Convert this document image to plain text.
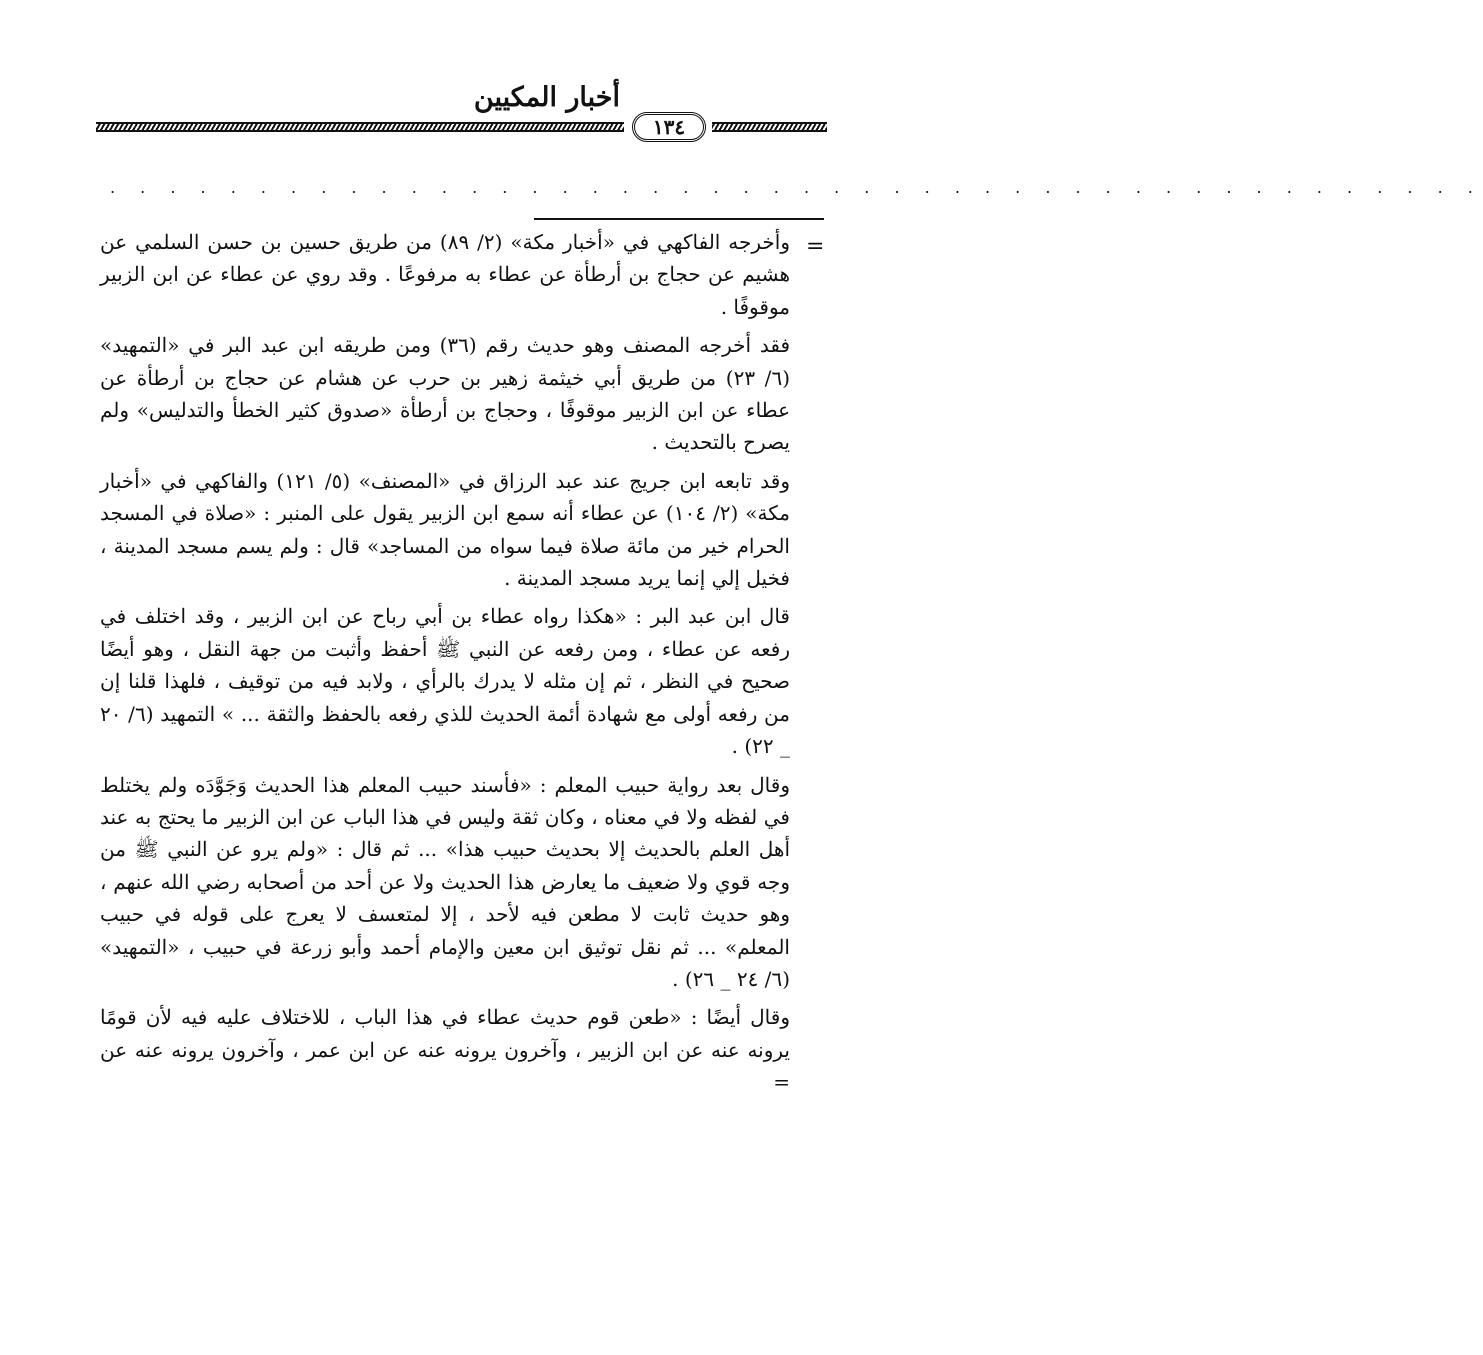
أخبار المكيين
١٣٤
. . . . . . . . . . . . . . . . . . . . . . . . . . . . . . . . . . . . . . . . . . . . . .
=

وأخرجه الفاكهي في «أخبار مكة» (٢/ ٨٩) من طريق حسين بن حسن السلمي عن هشيم عن حجاج بن أرطأة عن عطاء به مرفوعًا . وقد روي عن عطاء عن ابن الزبير موقوفًا .

فقد أخرجه المصنف وهو حديث رقم (٣٦) ومن طريقه ابن عبد البر في «التمهيد» (٦/ ٢٣) من طريق أبي خيثمة زهير بن حرب عن هشام عن حجاج بن أرطأة عن عطاء عن ابن الزبير موقوفًا ، وحجاج بن أرطأة «صدوق كثير الخطأ والتدليس» ولم يصرح بالتحديث .

وقد تابعه ابن جريج عند عبد الرزاق في «المصنف» (٥/ ١٢١) والفاكهي في «أخبار مكة» (٢/ ١٠٤) عن عطاء أنه سمع ابن الزبير يقول على المنبر : «صلاة في المسجد الحرام خير من مائة صلاة فيما سواه من المساجد» قال : ولم يسم مسجد المدينة ، فخيل إلي إنما يريد مسجد المدينة .

قال ابن عبد البر : «هكذا رواه عطاء بن أبي رباح عن ابن الزبير ، وقد اختلف في رفعه عن عطاء ، ومن رفعه عن النبي ﷺ أحفظ وأثبت من جهة النقل ، وهو أيضًا صحيح في النظر ، ثم إن مثله لا يدرك بالرأي ، ولابد فيه من توقيف ، فلهذا قلنا إن من رفعه أولى مع شهادة أئمة الحديث للذي رفعه بالحفظ والثقة ... » التمهيد (٦/ ٢٠ _ ٢٢) .

وقال بعد رواية حبيب المعلم : «فأسند حبيب المعلم هذا الحديث وَجَوَّدَه ولم يختلط في لفظه ولا في معناه ، وكان ثقة وليس في هذا الباب عن ابن الزبير ما يحتج به عند أهل العلم بالحديث إلا بحديث حبيب هذا» ... ثم قال : «ولم يرو عن النبي ﷺ من وجه قوي ولا ضعيف ما يعارض هذا الحديث ولا عن أحد من أصحابه رضي الله عنهم ، وهو حديث ثابت لا مطعن فيه لأحد ، إلا لمتعسف لا يعرج على قوله في حبيب المعلم» ... ثم نقل توثيق ابن معين والإمام أحمد وأبو زرعة في حبيب ، «التمهيد» (٦/ ٢٤ _ ٢٦) .

وقال أيضًا : «طعن قوم حديث عطاء في هذا الباب ، للاختلاف عليه فيه لأن قومًا يرونه عنه عن ابن الزبير ، وآخرون يرونه عنه عن ابن عمر ، وآخرون يرونه عنه عن =
